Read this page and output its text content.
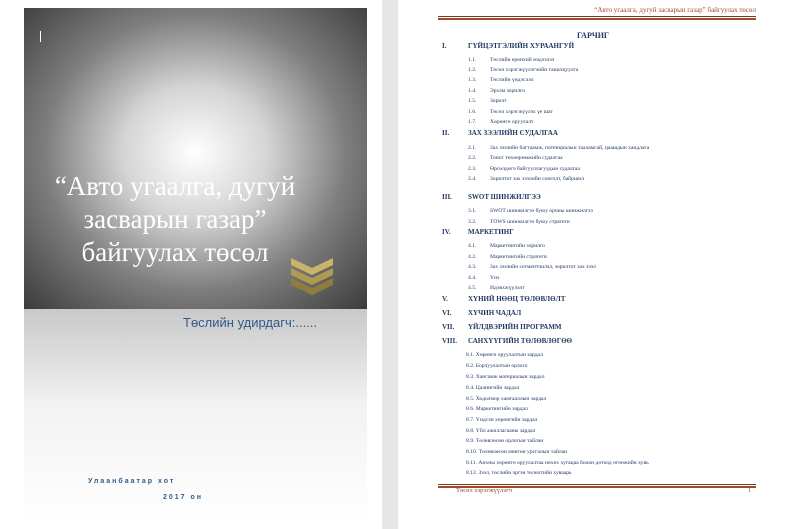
“Авто угаалга, дугуй засварын газар” байгуулах төсөл
Төслийн удирдагч:......
Улаанбаатар хот
2017 он
“Авто угаалга, дугуй засварын газар” байгуулах төсөл
ГАРЧИГ
I.	ГҮЙЦЭТГЭЛИЙН ХУРААНГУЙ
1.1. Төслийн ерөнхий мэдээлэл
1.2. Төсөл хэрэгжүүлэгчийн танилцуулга
1.3. Төслийн үндэслэл
1.4. Эрхэм зорилго
1.5. Зорилт
1.6. Төсөл хэрэгжүүлэх үе шат
1.7. Хөрөнгө оруулалт
II.	ЗАХ ЗЭЭЛИЙН СУДАЛГАА
2.1. Зах зээлийн багтаамж, потенциалын тааламгай, цаашдын хандлага
2.2. Тоног төхөөрөмжийн судалгаа
2.3. Өрсөлдөгч байгууллагуудын судалгаа
2.4. Зорилтот зах зээлийн сонголт, байршил
III. SWOT ШИНЖИЛГЭЭ
3.1. SWOT шинжилгээ буюу орчны шинжилгээ
3.2. TOWS шинжилгээ буюу стратеги
IV. МАРКЕТИНГ
4.1. Маркетингийн зорилго
4.2. Маркетингийн стратеги
4.3. Зах зээлийн сегментчилэл, зорилтот зах зээл
4.4. Үнэ
4.5. Идэвхжүүлэлт
V.	ХҮНИЙ НӨӨЦ ТӨЛӨВЛӨЛТ
VI. ХҮЧИН ЧАДАЛ
VII. ҮЙЛДВЭРИЙН ПРОГРАММ
VIII. САНХҮҮГИЙН ТӨЛӨВЛӨГӨӨ
8.1. Хөрөнгө оруулалтын зардал
8.2. Борлуулалтын орлого
8.3. Хангамж материалын зардал
8.4. Цалингийн зардал
8.5. Ходолмор хамгааллын зардал
8.6. Маркетингийн зардал
8.7. Үндсэн хөрөнгийн зардал
8.8. Үйл ажиллагааны зардал
8.9. Төлөвлөсөн орлогын тайлан
8.10. Төлөвлөсөн мөнгөн урсгалын тайлан
8.11. Анхны хөрөнгө оруулалтаа нөхөх хугацаа болон дотоод өгөөжийн хувь
8.12. Зээл, төслийн эргэн төлөлтийн хуваарь
Төсөл хэрэгжүүлэгч	1
